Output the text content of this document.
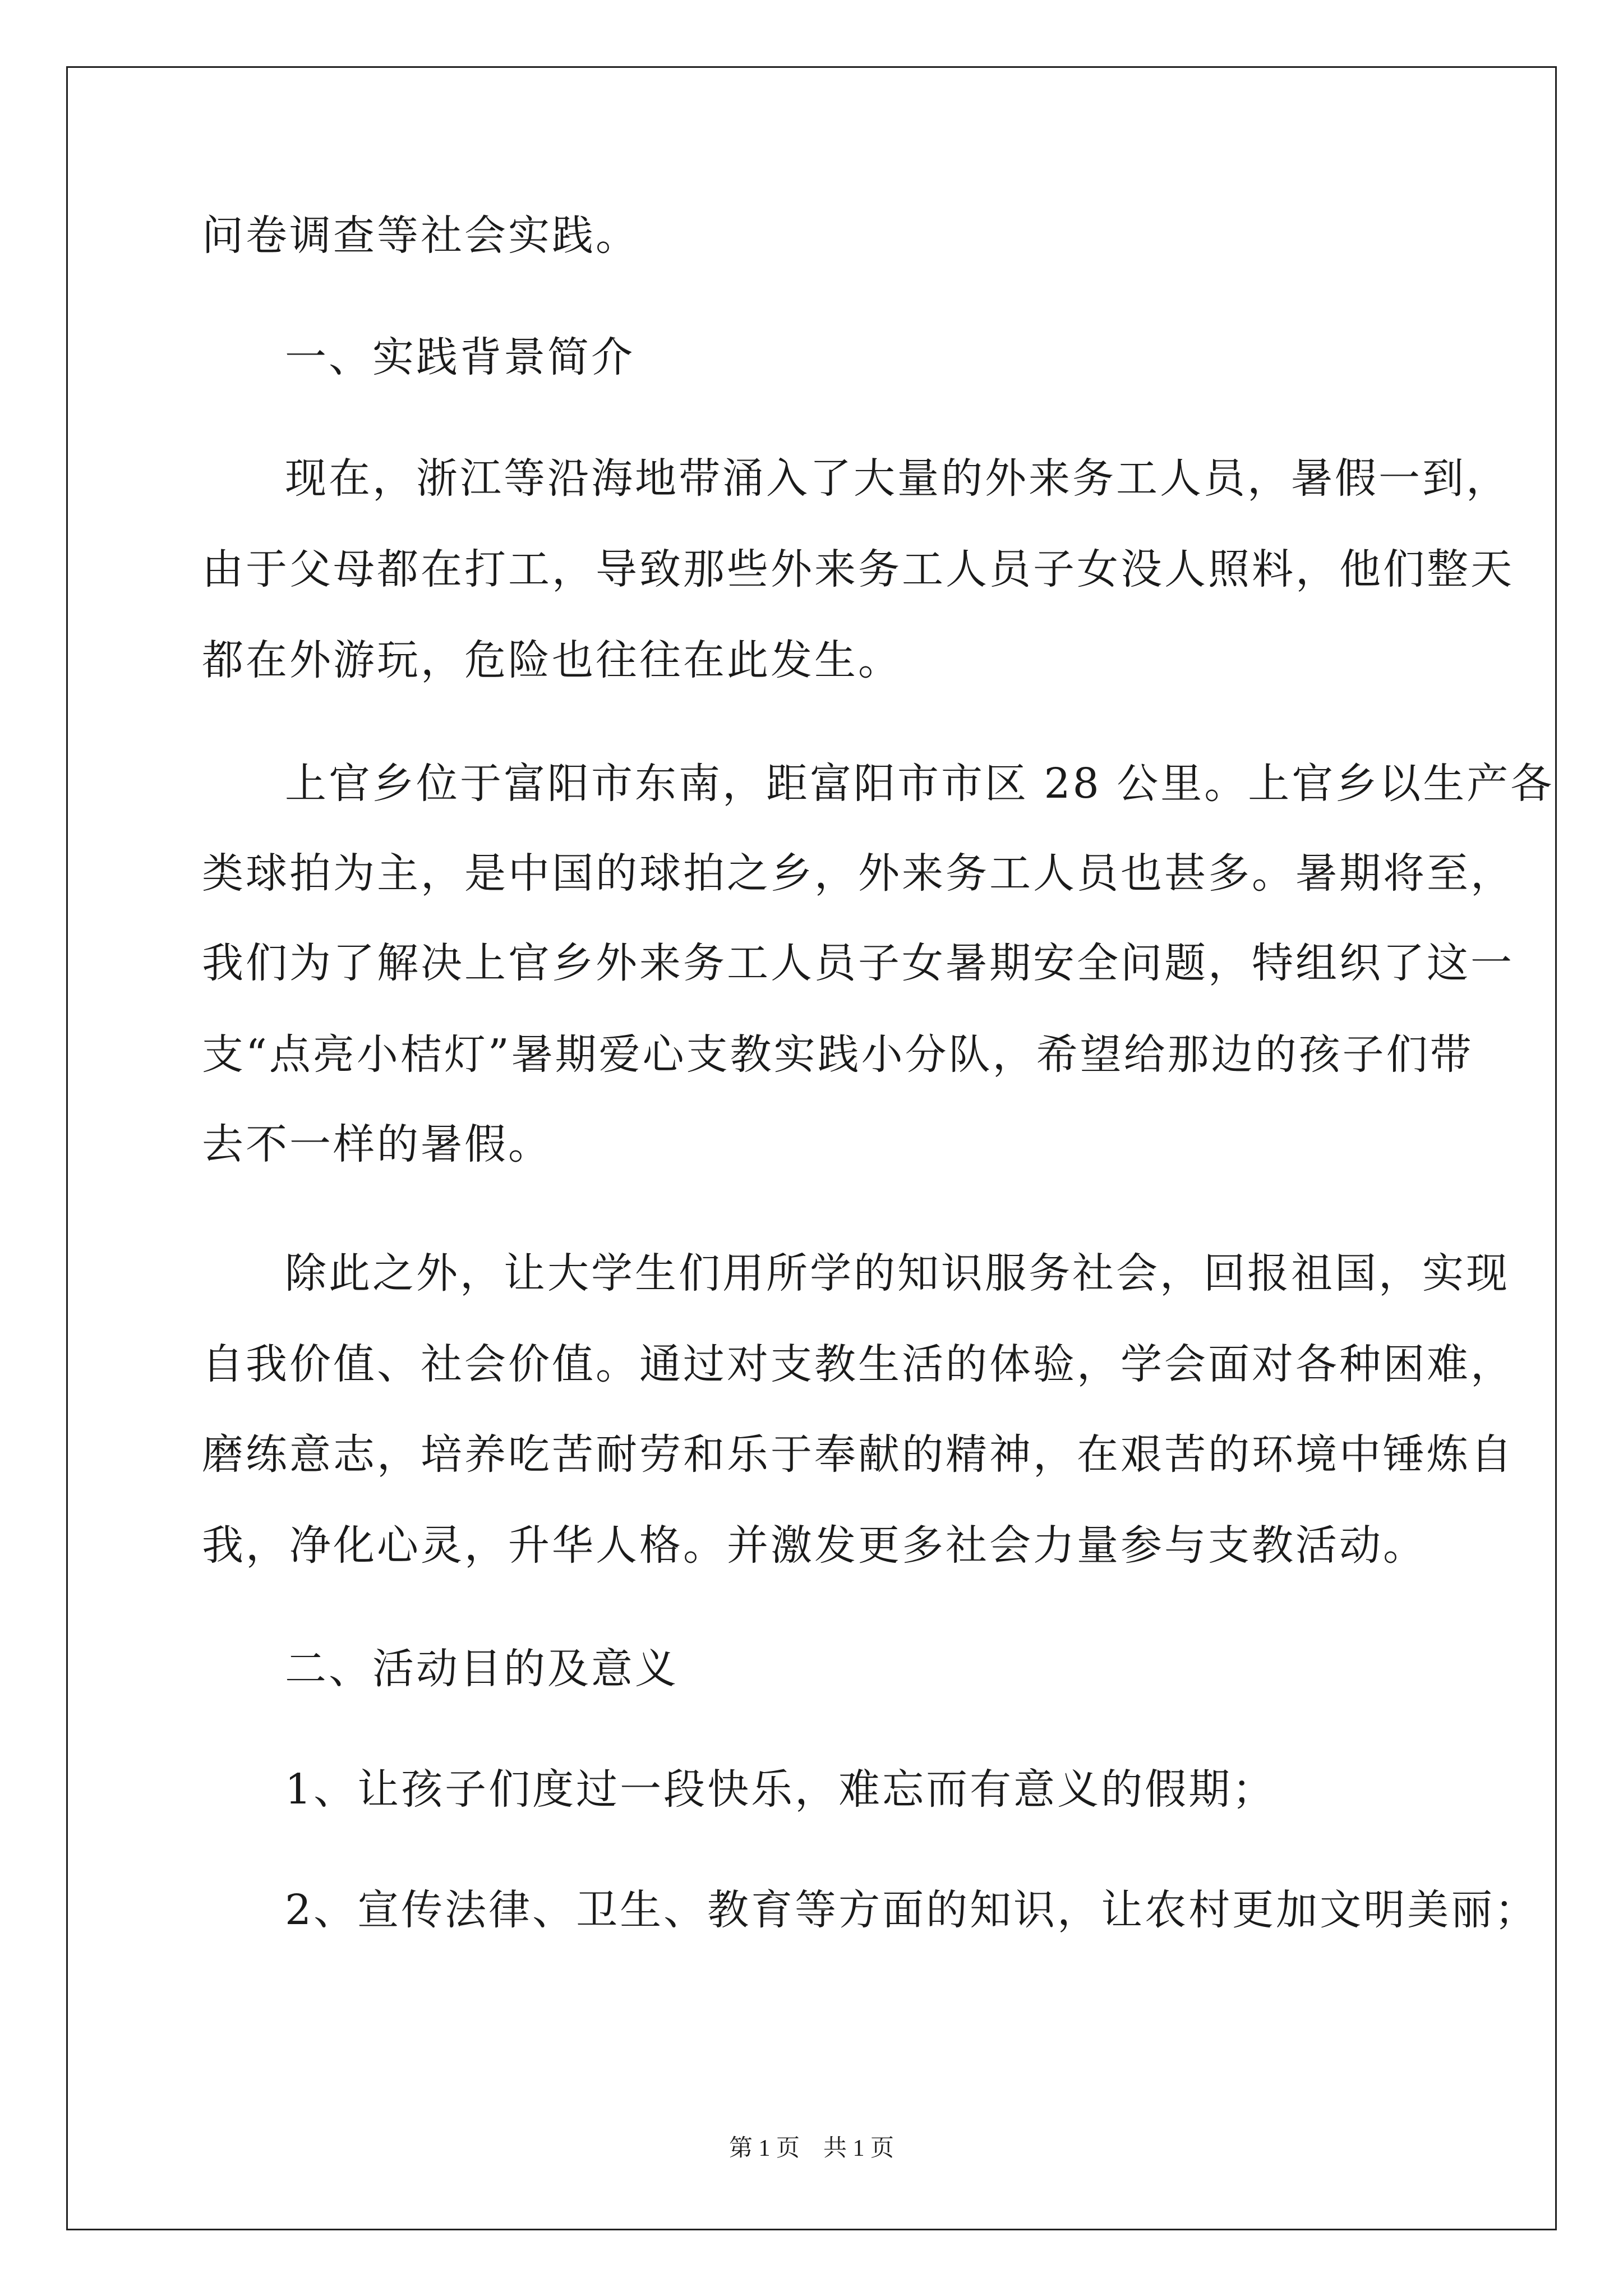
问卷调查等社会实践。
一、实践背景简介
现在，浙江等沿海地带涌入了大量的外来务工人员，暑假一到，
由于父母都在打工，导致那些外来务工人员子女没人照料，他们整天
都在外游玩，危险也往往在此发生。
上官乡位于富阳市东南，距富阳市市区 28 公里。上官乡以生产各
类球拍为主，是中国的球拍之乡，外来务工人员也甚多。暑期将至，
我们为了解决上官乡外来务工人员子女暑期安全问题，特组织了这一
支“点亮小桔灯”暑期爱心支教实践小分队，希望给那边的孩子们带
去不一样的暑假。
除此之外，让大学生们用所学的知识服务社会，回报祖国，实现
自我价值、社会价值。通过对支教生活的体验，学会面对各种困难，
磨练意志，培养吃苦耐劳和乐于奉献的精神，在艰苦的环境中锤炼自
我，净化心灵，升华人格。并激发更多社会力量参与支教活动。
二、活动目的及意义
1、让孩子们度过一段快乐，难忘而有意义的假期；
2、宣传法律、卫生、教育等方面的知识，让农村更加文明美丽；
第 1 页　共 1 页
